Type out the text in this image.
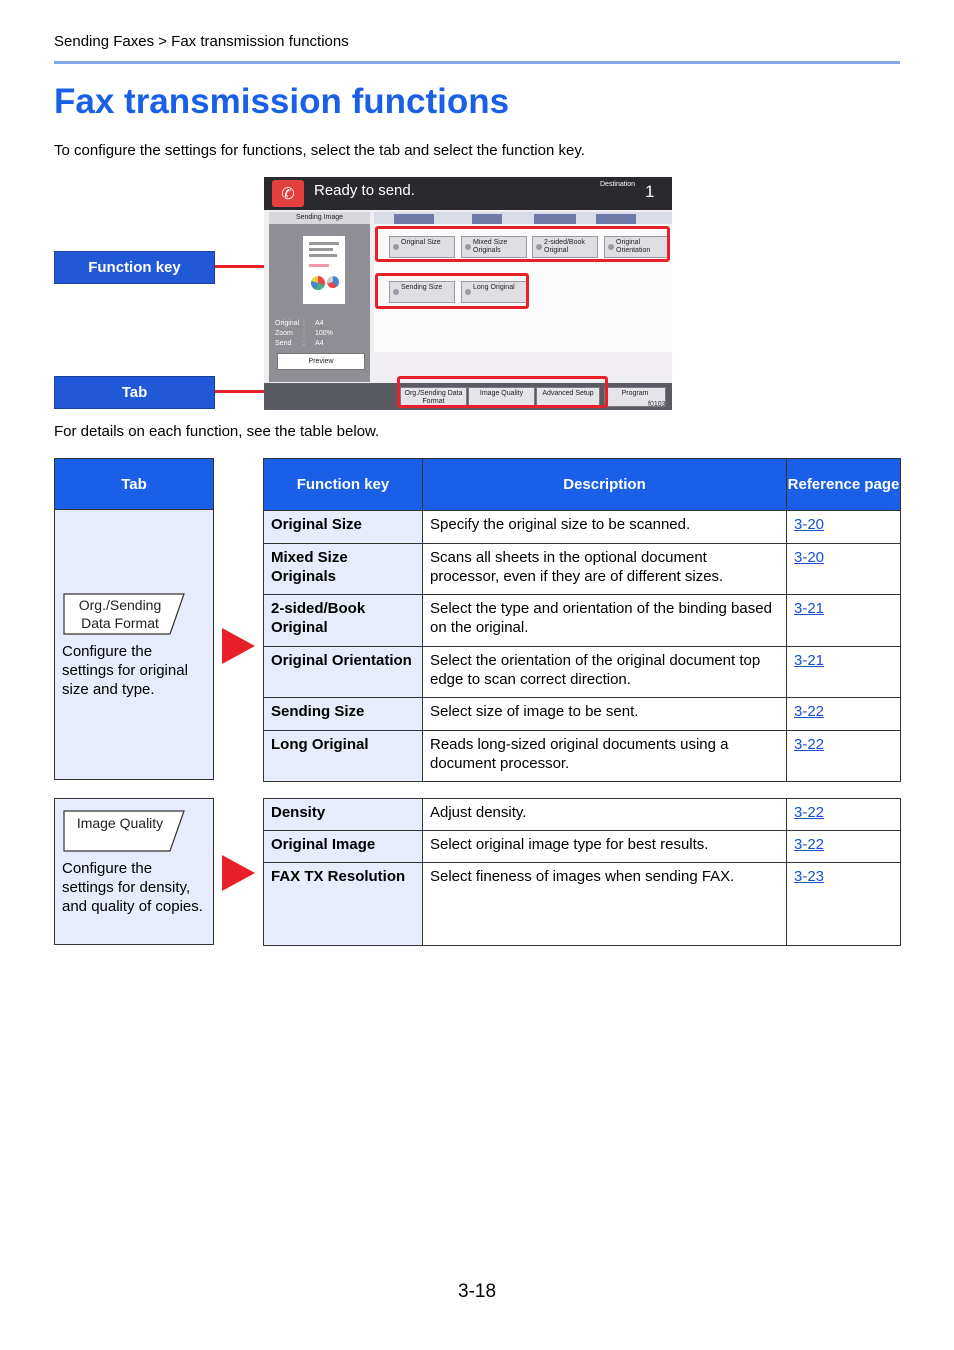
Sending Faxes > Fax transmission functions
Fax transmission functions

To configure the settings for functions, select the tab and select the function key.

Function key
Tab
✆	Ready to send.	Destination 1
Sending Image
Original : A4
Zoom : 100%
Send : A4
Preview
Original Size	Mixed Size Originals
2-sided/Book Original
Original Orientation
Sending Size	Long Original
Org./Sending Data Format
Image Quality	Advanced Setup	Program
f0103

For details on each function, see the table below.

Tab
Org./Sending Data Format
Configure the settings for original size and type.
Function key	Description	Reference page
Original Size	Specify the original size to be scanned.	3-20
Mixed Size Originals	Scans all sheets in the optional document processor, even if they are of different sizes.	3-20
2-sided/Book Original	Select the type and orientation of the binding based on the original.	3-21
Original Orientation	Select the orientation of the original document top edge to scan correct direction.	3-21
Sending Size	Select size of image to be sent.	3-22
Long Original	Reads long-sized original documents using a document processor.	3-22
Image Quality
Configure the settings for density, and quality of copies.
Density	Adjust density.	3-22
Original Image	Select original image type for best results.	3-22
FAX TX Resolution	Select fineness of images when sending FAX.	3-23
3-18
